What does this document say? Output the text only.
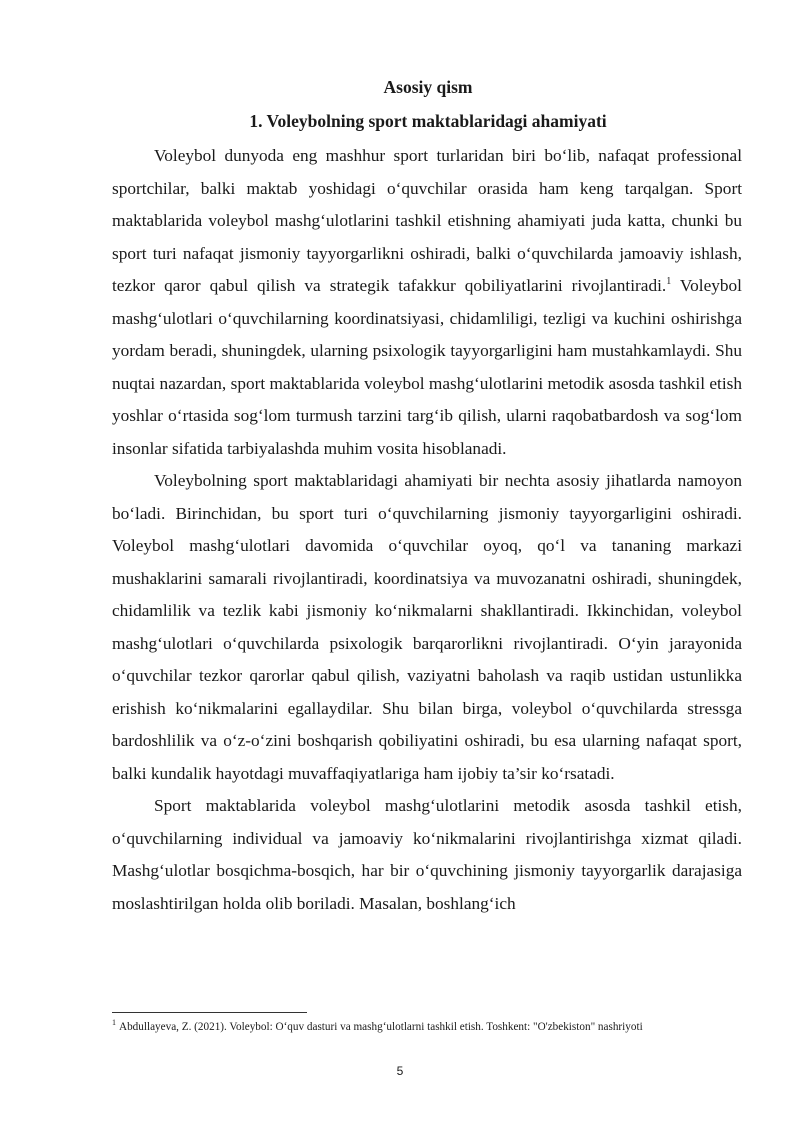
Asosiy qism
1. Voleybolning sport maktablaridagi ahamiyati

Voleybol dunyoda eng mashhur sport turlaridan biri bo‘lib, nafaqat professional sportchilar, balki maktab yoshidagi o‘quvchilar orasida ham keng tarqalgan. Sport maktablarida voleybol mashg‘ulotlarini tashkil etishning ahamiyati juda katta, chunki bu sport turi nafaqat jismoniy tayyorgarlikni oshiradi, balki o‘quvchilarda jamoaviy ishlash, tezkor qaror qabul qilish va strategik tafakkur qobiliyatlarini rivojlantiradi.$^1$ Voleybol mashg‘ulotlari o‘quvchilarning koordinatsiyasi, chidamliligi, tezligi va kuchini oshirishga yordam beradi, shuningdek, ularning psixologik tayyorgarligini ham mustahkamlaydi. Shu nuqtai nazardan, sport maktablarida voleybol mashg‘ulotlarini metodik asosda tashkil etish yoshlar o‘rtasida sog‘lom turmush tarzini targ‘ib qilish, ularni raqobatbardosh va sog‘lom insonlar sifatida tarbiyalashda muhim vosita hisoblanadi.

Voleybolning sport maktablaridagi ahamiyati bir nechta asosiy jihatlarda namoyon bo‘ladi. Birinchidan, bu sport turi o‘quvchilarning jismoniy tayyorgarligini oshiradi. Voleybol mashg‘ulotlari davomida o‘quvchilar oyoq, qo‘l va tananing markazi mushaklarini samarali rivojlantiradi, koordinatsiya va muvozanatni oshiradi, shuningdek, chidamlilik va tezlik kabi jismoniy ko‘nikmalarni shakllantiradi. Ikkinchidan, voleybol mashg‘ulotlari o‘quvchilarda psixologik barqarorlikni rivojlantiradi. O‘yin jarayonida o‘quvchilar tezkor qarorlar qabul qilish, vaziyatni baholash va raqib ustidan ustunlikka erishish ko‘nikmalarini egallaydilar. Shu bilan birga, voleybol o‘quvchilarda stressga bardoshlilik va o‘z-o‘zini boshqarish qobiliyatini oshiradi, bu esa ularning nafaqat sport, balki kundalik hayotdagi muvaffaqiyatlariga ham ijobiy ta’sir ko‘rsatadi.

Sport maktablarida voleybol mashg‘ulotlarini metodik asosda tashkil etish, o‘quvchilarning individual va jamoaviy ko‘nikmalarini rivojlantirishga xizmat qiladi. Mashg‘ulotlar bosqichma-bosqich, har bir o‘quvchining jismoniy tayyorgarlik darajasiga moslashtirilgan holda olib boriladi. Masalan, boshlang‘ich

$^1$ Abdullayeva, Z. (2021). Voleybol: O‘quv dasturi va mashg‘ulotlarni tashkil etish. Toshkent: "O'zbekiston" nashriyoti

5
